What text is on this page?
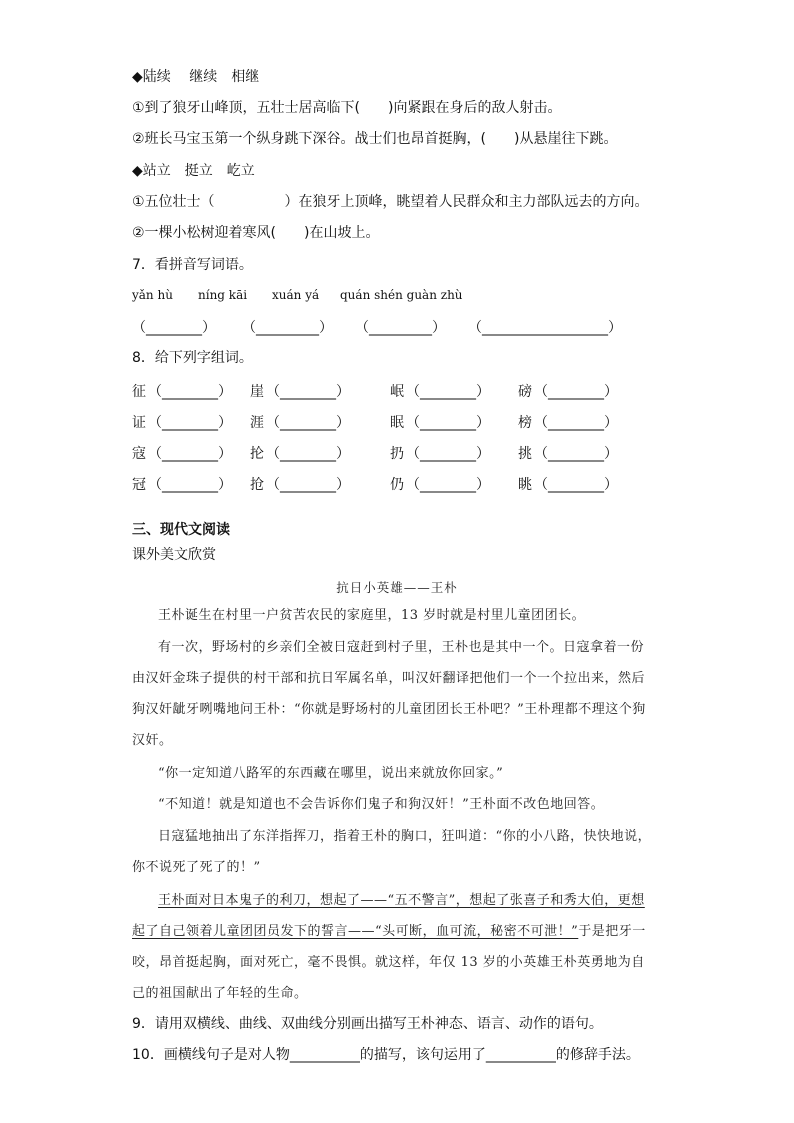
◆陆续　 继续　相继
①到了狼牙山峰顶，五壮士居高临下(　　)向紧跟在身后的敌人射击。
②班长马宝玉第一个纵身跳下深谷。战士们也昂首挺胸，(　　)从悬崖往下跳。
◆站立　挺立　屹立
①五位壮士（　　　　　）在狼牙上顶峰，眺望着人民群众和主力部队远去的方向。
②一棵小松树迎着寒风(　　)在山坡上。
7．看拼音写词语。
yǎn hù níng kāi xuán yá quán shén guàn zhù
（________） （_________） （_________） （__________________）
8．给下列字组词。
征 （________） 崖 （________）	岷 （________） 磅 （________）
证 （________） 涯 （________）	眠 （________） 榜 （________）
寇 （________） 抡 （________）	扔 （________） 挑 （________）
冠 （________） 抢 （________）	仍 （________） 眺 （________）
三、现代文阅读
课外美文欣赏
抗日小英雄——王朴

王朴诞生在村里一户贫苦农民的家庭里，13 岁时就是村里儿童团团长。

有一次，野场村的乡亲们全被日寇赶到村子里，王朴也是其中一个。日寇拿着一份

由汉奸金珠子提供的村干部和抗日军属名单，叫汉奸翻译把他们一个一个拉出来，然后

狗汉奸龇牙咧嘴地问王朴：“你就是野场村的儿童团团长王朴吧？”王朴理都不理这个狗

汉奸。

“你一定知道八路军的东西藏在哪里，说出来就放你回家。”

“不知道！就是知道也不会告诉你们鬼子和狗汉奸！”王朴面不改色地回答。

日寇猛地抽出了东洋指挥刀，指着王朴的胸口，狂叫道：“你的小八路，快快地说，

你不说死了死了的！”

王朴面对日本鬼子的利刀，想起了——“五不警言”，想起了张喜子和秀大伯，更想

起了自己领着儿童团团员发下的誓言——“头可断，血可流，秘密不可泄！”于是把牙一

咬，昂首挺起胸，面对死亡，毫不畏惧。就这样，年仅 13 岁的小英雄王朴英勇地为自

己的祖国献出了年轻的生命。

9．请用双横线、曲线、双曲线分别画出描写王朴神态、语言、动作的语句。
10．画横线句子是对人物__________的描写，该句运用了__________的修辞手法。
